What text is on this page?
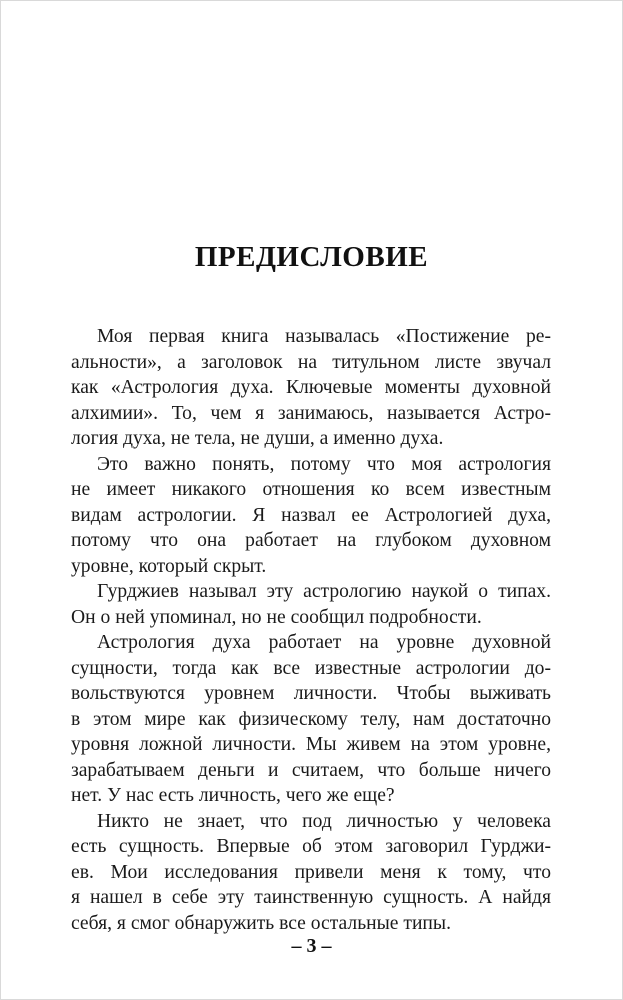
ПРЕДИСЛОВИЕ
Моя первая книга называлась «Постижение ре-
альности», а заголовок на титульном листе звучал
как «Астрология духа. Ключевые моменты духовной
алхимии». То, чем я занимаюсь, называется Астро-
логия духа, не тела, не души, а именно духа.
Это важно понять, потому что моя астрология
не имеет никакого отношения ко всем известным
видам астрологии. Я назвал ее Астрологией духа,
потому что она работает на глубоком духовном
уровне, который скрыт.
Гурджиев называл эту астрологию наукой о типах.
Он о ней упоминал, но не сообщил подробности.
Астрология духа работает на уровне духовной
сущности, тогда как все известные астрологии до-
вольствуются уровнем личности. Чтобы выживать
в этом мире как физическому телу, нам достаточно
уровня ложной личности. Мы живем на этом уровне,
зарабатываем деньги и считаем, что больше ничего
нет. У нас есть личность, чего же еще?
Никто не знает, что под личностью у человека
есть сущность. Впервые об этом заговорил Гурджи-
ев. Мои исследования привели меня к тому, что
я нашел в себе эту таинственную сущность. А найдя
себя, я смог обнаружить все остальные типы.
– 3 –
